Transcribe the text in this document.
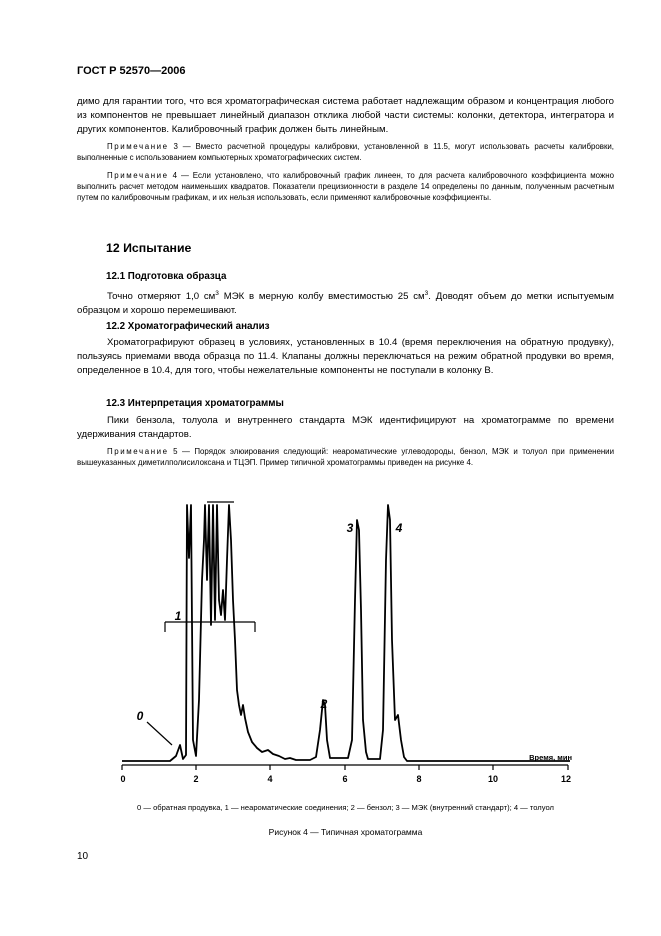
ГОСТ Р 52570—2006
димо для гарантии того, что вся хроматографическая система работает надлежащим образом и концентрация любого из компонентов не превышает линейный диапазон отклика любой части системы: колонки, детектора, интегратора и других компонентов. Калибровочный график должен быть линейным.
Примечание 3 — Вместо расчетной процедуры калибровки, установленной в 11.5, могут использовать расчеты калибровки, выполненные с использованием компьютерных хроматографических систем.
Примечание 4 — Если установлено, что калибровочный график линеен, то для расчета калибровочного коэффициента можно выполнить расчет методом наименьших квадратов. Показатели прецизионности в разделе 14 определены по данным, полученным расчетным путем по калибровочным графикам, и их нельзя использовать, если применяют калибровочные коэффициенты.
12 Испытание
12.1 Подготовка образца
Точно отмеряют 1,0 $см^3$ МЭК в мерную колбу вместимостью 25 $см^3$. Доводят объем до метки испытуемым образцом и хорошо перемешивают.
12.2 Хроматографический анализ
Хроматографируют образец в условиях, установленных в 10.4 (время переключения на обратную продувку), пользуясь приемами ввода образца по 11.4. Клапаны должны переключаться на режим обратной продувки во время, определенное в 10.4, для того, чтобы нежелательные компоненты не поступали в колонку В.
12.3 Интерпретация хроматограммы
Пики бензола, толуола и внутреннего стандарта МЭК идентифицируют на хроматограмме по времени удерживания стандартов.
Примечание 5 — Порядок элюирования следующий: неароматические углеводороды, бензол, МЭК и толуол при применении вышеуказанных диметилполисилоксана и ТЦЭП. Пример типичной хроматограммы приведен на рисунке 4.
0	2	4	6	8	10	12
Время, мин
0
1
2
3	4
0 — обратная продувка, 1 — неароматические соединения; 2 — бензол; 3 — МЭК (внутренний стандарт); 4 — толуол
Рисунок 4 — Типичная хроматограмма
10
